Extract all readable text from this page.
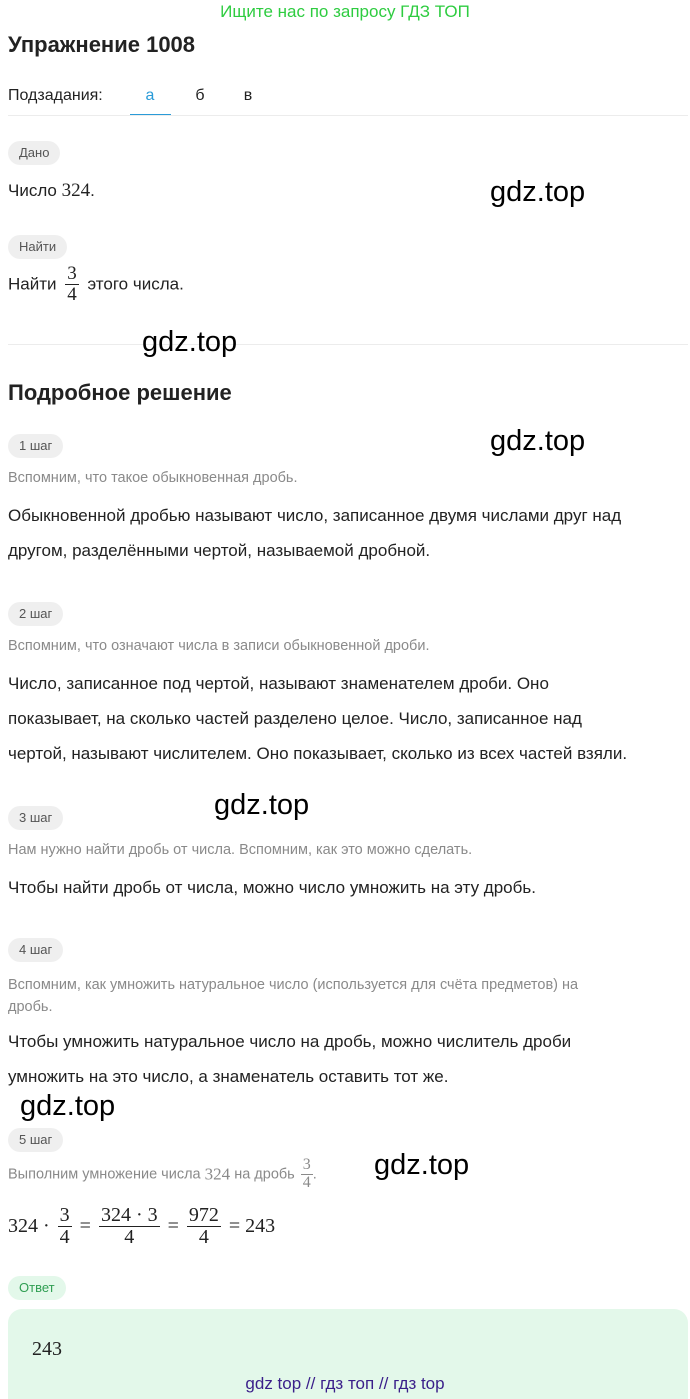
Ищите нас по запросу ГДЗ ТОП
Упражнение 1008
Подзадания:	а	б	в
Дано
Число 324.
Найти
Найти $\frac{3}{4}$ этого числа.
Подробное решение
1 шаг
Вспомним, что такое обыкновенная дробь.
Обыкновенной дробью называют число, записанное двумя числами друг над
другом, разделёнными чертой, называемой дробной.
2 шаг
Вспомним, что означают числа в записи обыкновенной дроби.
Число, записанное под чертой, называют знаменателем дроби. Оно
показывает, на сколько частей разделено целое. Число, записанное над
чертой, называют числителем. Оно показывает, сколько из всех частей взяли.
3 шаг
Нам нужно найти дробь от числа. Вспомним, как это можно сделать.
Чтобы найти дробь от числа, можно число умножить на эту дробь.
4 шаг
Вспомним, как умножить натуральное число (используется для счёта предметов) на
дробь.
Чтобы умножить натуральное число на дробь, можно числитель дроби
умножить на это число, а знаменатель оставить тот же.
5 шаг
Выполним умножение числа 324 на дробь $\frac{3}{4}$ .
$324 \cdot \frac{3}{4} = \frac{324 \cdot 3}{4} = \frac{972}{4} = 243$
Ответ
243
gdz.top
gdz.top
gdz.top
gdz.top
gdz.top
gdz.top
gdz top // гдз топ // гдз top
